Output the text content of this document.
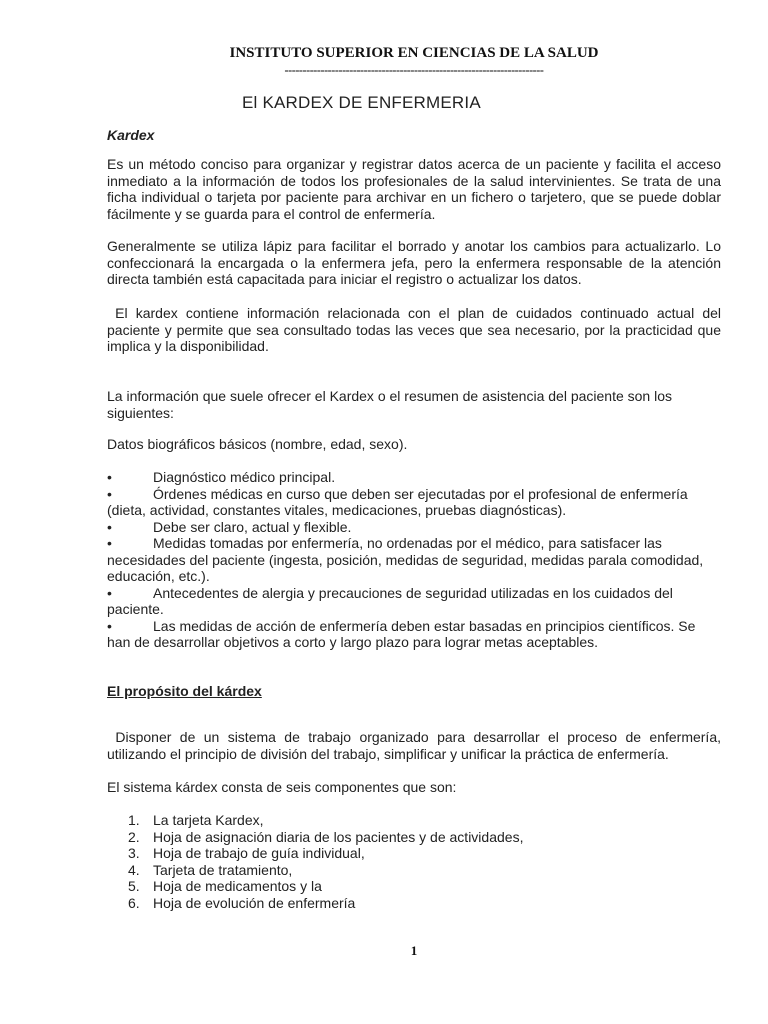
INSTITUTO SUPERIOR EN CIENCIAS DE LA SALUD
------------------------------------------------------------------------
El KARDEX DE ENFERMERIA
Kardex
Es un método conciso para organizar y registrar datos acerca de un paciente y facilita el acceso inmediato a la información de todos los profesionales de la salud intervinientes. Se trata de una ficha individual o tarjeta por paciente para archivar en un fichero o tarjetero, que se puede doblar fácilmente y se guarda para el control de enfermería.
Generalmente se utiliza lápiz para facilitar el borrado y anotar los cambios para actualizarlo. Lo confeccionará la encargada o la enfermera jefa, pero la enfermera responsable de la atención directa también está capacitada para iniciar el registro o actualizar los datos.
El kardex contiene información relacionada con el plan de cuidados continuado actual del paciente y permite que sea consultado todas las veces que sea necesario, por la practicidad que implica y la disponibilidad.
La información que suele ofrecer el Kardex o el resumen de asistencia del paciente son los siguientes:
Datos biográficos básicos (nombre, edad, sexo).
•	Diagnóstico médico principal.
•	Órdenes médicas en curso que deben ser ejecutadas por el profesional de enfermería (dieta, actividad, constantes vitales, medicaciones, pruebas diagnósticas).
•	Debe ser claro, actual y flexible.
•	Medidas tomadas por enfermería, no ordenadas por el médico, para satisfacer las necesidades del paciente (ingesta, posición, medidas de seguridad, medidas parala comodidad, educación, etc.).
•	Antecedentes de alergia y precauciones de seguridad utilizadas en los cuidados del paciente.
•	Las medidas de acción de enfermería deben estar basadas en principios científicos. Se han de desarrollar objetivos a corto y largo plazo para lograr metas aceptables.
El propósito del kárdex
Disponer de un sistema de trabajo organizado para desarrollar el proceso de enfermería, utilizando el principio de división del trabajo, simplificar y unificar la práctica de enfermería.
El sistema kárdex consta de seis componentes que son:
1. La tarjeta Kardex,
2. Hoja de asignación diaria de los pacientes y de actividades,
3. Hoja de trabajo de guía individual,
4. Tarjeta de tratamiento,
5. Hoja de medicamentos y la
6. Hoja de evolución de enfermería
1
